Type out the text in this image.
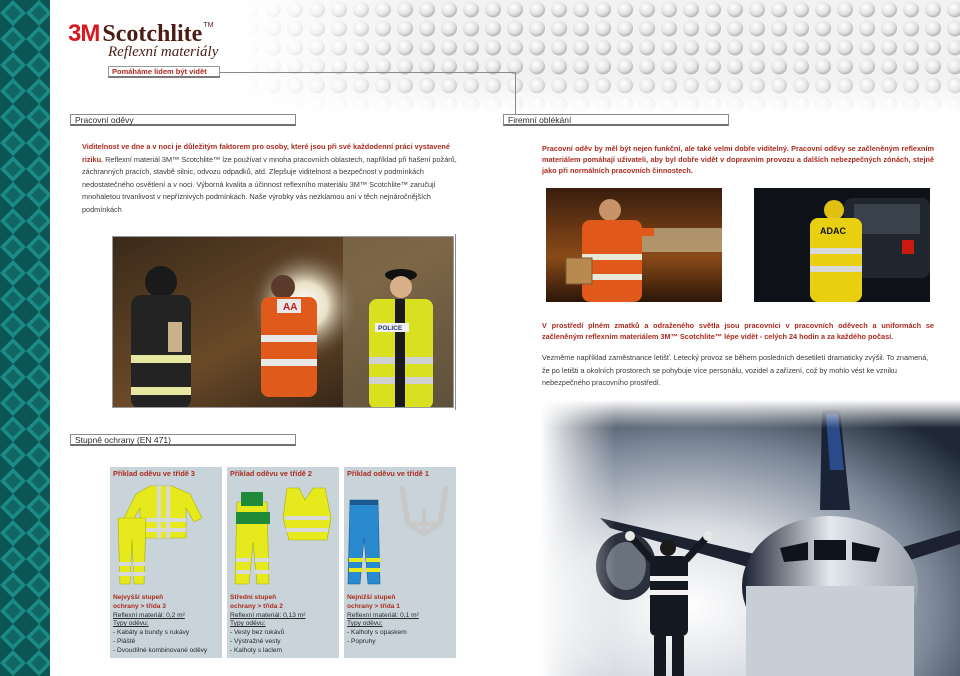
3M Scotchlite TM
Reflexní materiály
Pomáháme lidem být vidět
Pracovní oděvy
Viditelnost ve dne a v noci je důležitým faktorem pro osoby, které jsou při své každodenní práci vystavené riziku. Reflexní materiál 3M™ Scotchlite™ lze používat v mnoha pracovních oblastech, například při hašení požárů, záchranných pracích, stavbě silnic, odvozu odpadků, atd. Zlepšuje viditelnost a bezpečnost v podmínkách nedostatečného osvětlení a v noci. Výborná kvalita a účinnost reflexního materiálu 3M™ Scotchlite™ zaručují mnohaletou trvanlivost v nepříznivých podmínkách. Naše výrobky vás nezklamou ani v těch nejnáročnějších podmínkách
AA
POLICE
Stupně ochrany (EN 471)
Příklad oděvu ve třídě 3
Nejvyšší stupeň
ochrany > třída 3
Reflexní materiál: 0,2 m²
Typy oděvu:
- Kabáty a bundy s rukávy
- Pláště
- Dvoudílné kombinované oděvy
Příklad oděvu ve třídě 2
Střední stupeň
ochrany > třída 2
Reflexní materiál: 0,13 m²
Typy oděvu:
- Vesty bez rukávů
- Výstražné vesty
- Kalhoty s laclem
Příklad oděvu ve třídě 1
Nejnižší stupeň
ochrany > třída 1
Reflexní materiál: 0,1 m²
Typy oděvu:
- Kalhoty s opaskem
- Popruhy
Firemní oblékání
Pracovní oděv by měl být nejen funkční, ale také velmi dobře viditelný. Pracovní oděvy se začleněným reflexním materiálem pomáhají uživateli, aby byl dobře vidět v dopravním provozu a dalších nebezpečných zónách, stejně jako při normálních pracovních činnostech.
ADAC
V prostředí plném zmatků a odraženého světla jsou pracovníci v pracovních oděvech a uniformách se začleněným reflexním materiálem 3M™ Scotchlite™ lépe vidět - celých 24 hodin a za každého počasí.
Vezměme například zaměstnance letišť. Letecký provoz se během posledních desetiletí dramaticky zvýšil. To znamená, že po letišti a okolních prostorech se pohybuje více personálu, vozidel a zařízení, což by mohlo vést ke vzniku nebezpečného pracovního prostředí.
